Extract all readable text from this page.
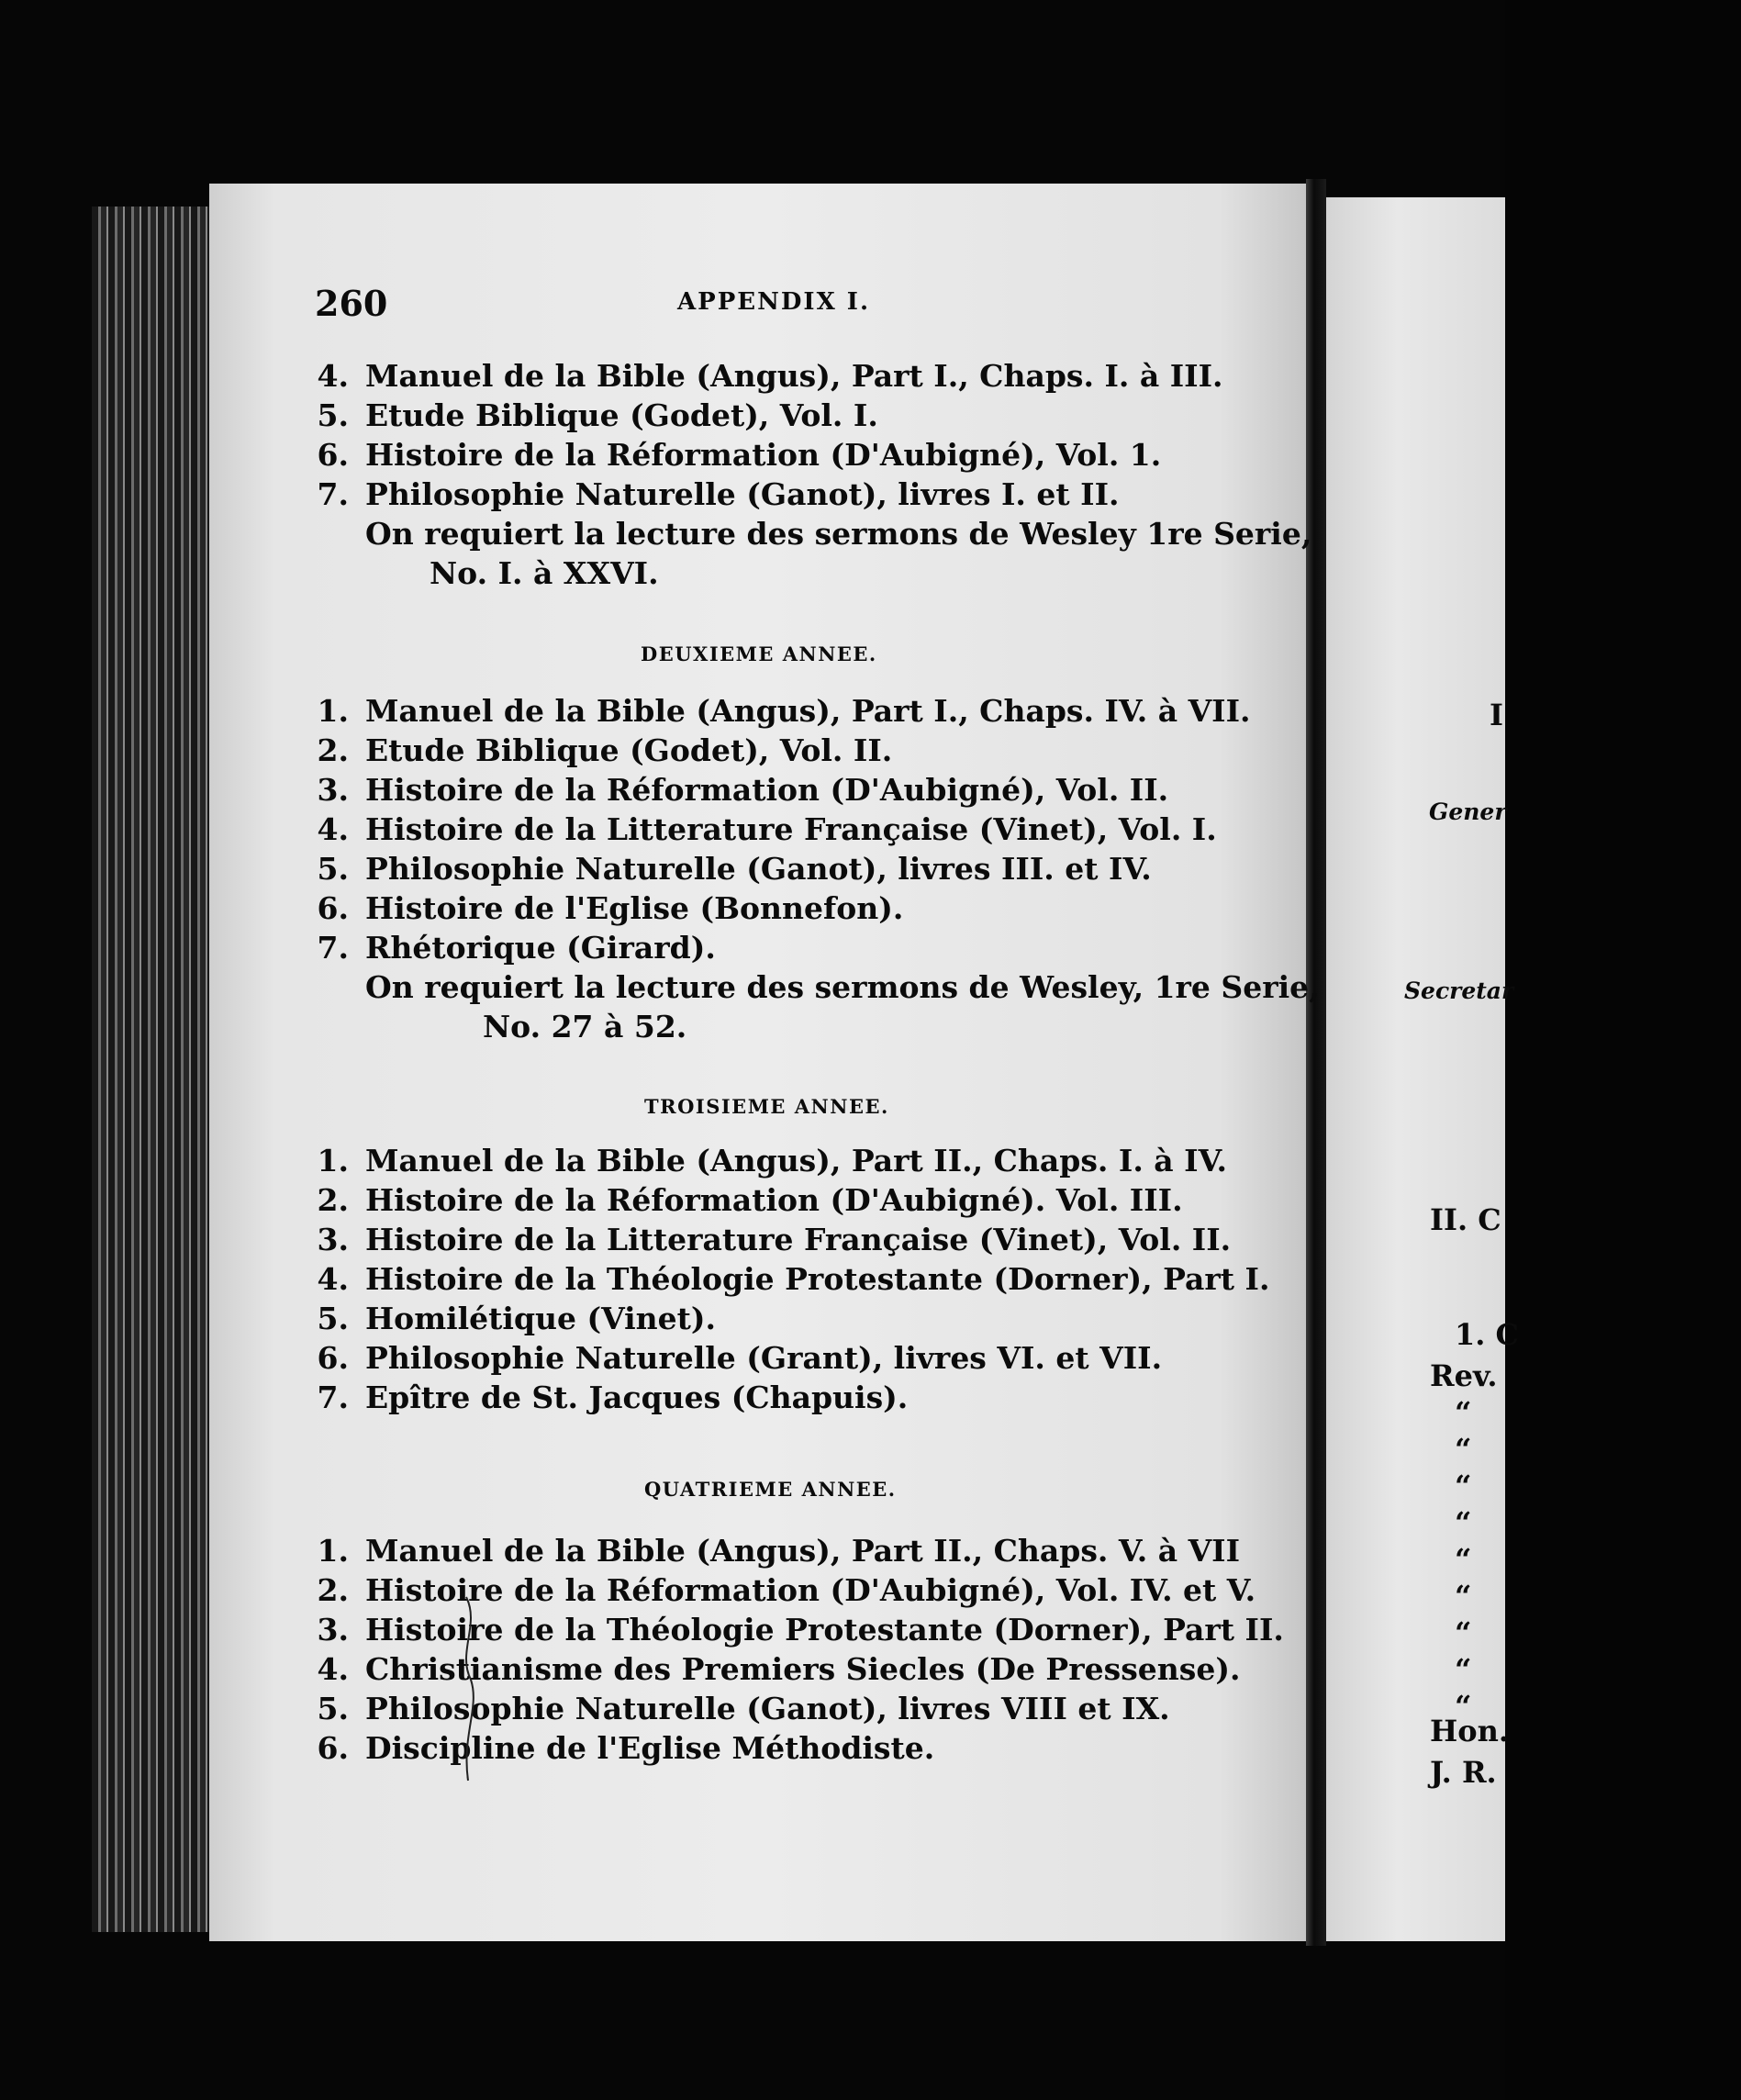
260	APPENDIX I.
4. Manuel de la Bible (Angus), Part I., Chaps. I. à III.
5. Etude Biblique (Godet), Vol. I.
6. Histoire de la Réformation (D'Aubigné), Vol. 1.
7. Philosophie Naturelle (Ganot), livres I. et II.
On requiert la lecture des sermons de Wesley 1re Serie,
No. I. à XXVI.
DEUXIEME ANNEE.
1. Manuel de la Bible (Angus), Part I., Chaps. IV. à VII.
2. Etude Biblique (Godet), Vol. II.
3. Histoire de la Réformation (D'Aubigné), Vol. II.
4. Histoire de la Litterature Française (Vinet), Vol. I.
5. Philosophie Naturelle (Ganot), livres III. et IV.
6. Histoire de l'Eglise (Bonnefon).
7. Rhétorique (Girard).
On requiert la lecture des sermons de Wesley, 1re Serie,
No. 27 à 52.
TROISIEME ANNEE.
1. Manuel de la Bible (Angus), Part II., Chaps. I. à IV.
2. Histoire de la Réformation (D'Aubigné). Vol. III.
3. Histoire de la Litterature Française (Vinet), Vol. II.
4. Histoire de la Théologie Protestante (Dorner), Part I.
5. Homilétique (Vinet).
6. Philosophie Naturelle (Grant), livres VI. et VII.
7. Epître de St. Jacques (Chapuis).
QUATRIEME ANNEE.
1. Manuel de la Bible (Angus), Part II., Chaps. V. à VII
2. Histoire de la Réformation (D'Aubigné), Vol. IV. et V.
3. Histoire de la Théologie Protestante (Dorner), Part II.
4. Christianisme des Premiers Siecles (De Pressense).
5. Philosophie Naturelle (Ganot), livres VIII et IX.
6. Discipline de l'Eglise Méthodiste.
I
Gener
Secretar
II. C
1. C
Rev.
“
“
“
“
“
“
“
“
“
Hon.
J. R.
